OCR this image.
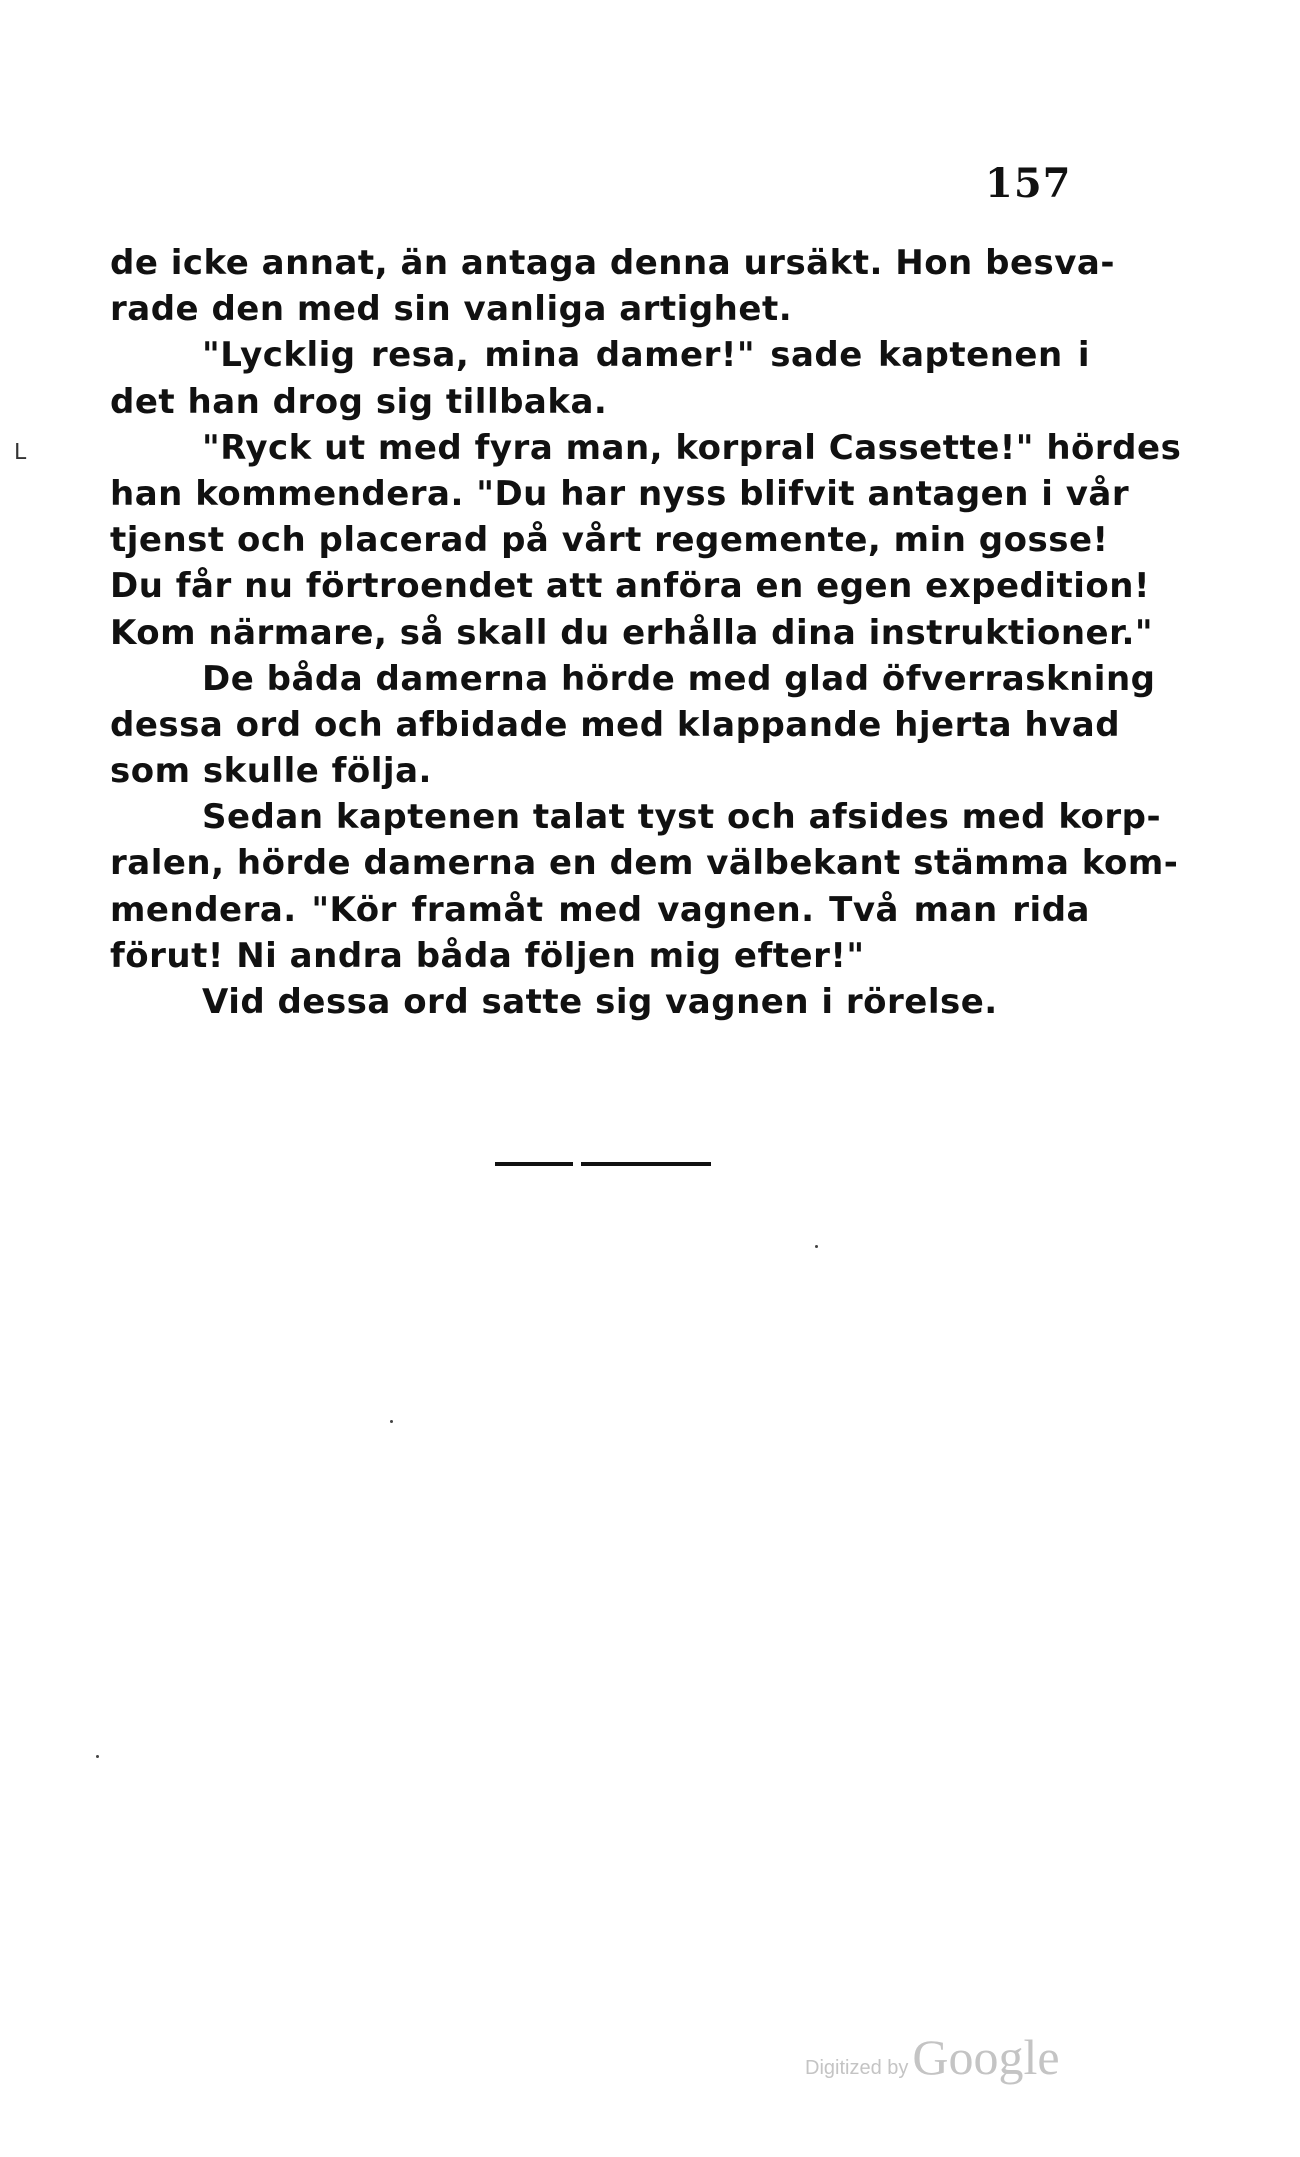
157
ᒪ
de icke annat, än antaga denna ursäkt. Hon besva-
rade den med sin vanliga artighet.
"Lycklig resa, mina damer!" sade kaptenen i
det han drog sig tillbaka.
"Ryck ut med fyra man, korpral Cassette!" hördes
han kommendera. "Du har nyss blifvit antagen i vår
tjenst och placerad på vårt regemente, min gosse!
Du får nu förtroendet att anföra en egen expedition!
Kom närmare, så skall du erhålla dina instruktioner."
De båda damerna hörde med glad öfverraskning
dessa ord och afbidade med klappande hjerta hvad
som skulle följa.
Sedan kaptenen talat tyst och afsides med korp-
ralen, hörde damerna en dem välbekant stämma kom-
mendera. "Kör framåt med vagnen. Två man rida
förut! Ni andra båda följen mig efter!"
Vid dessa ord satte sig vagnen i rörelse.
Digitized by Google
